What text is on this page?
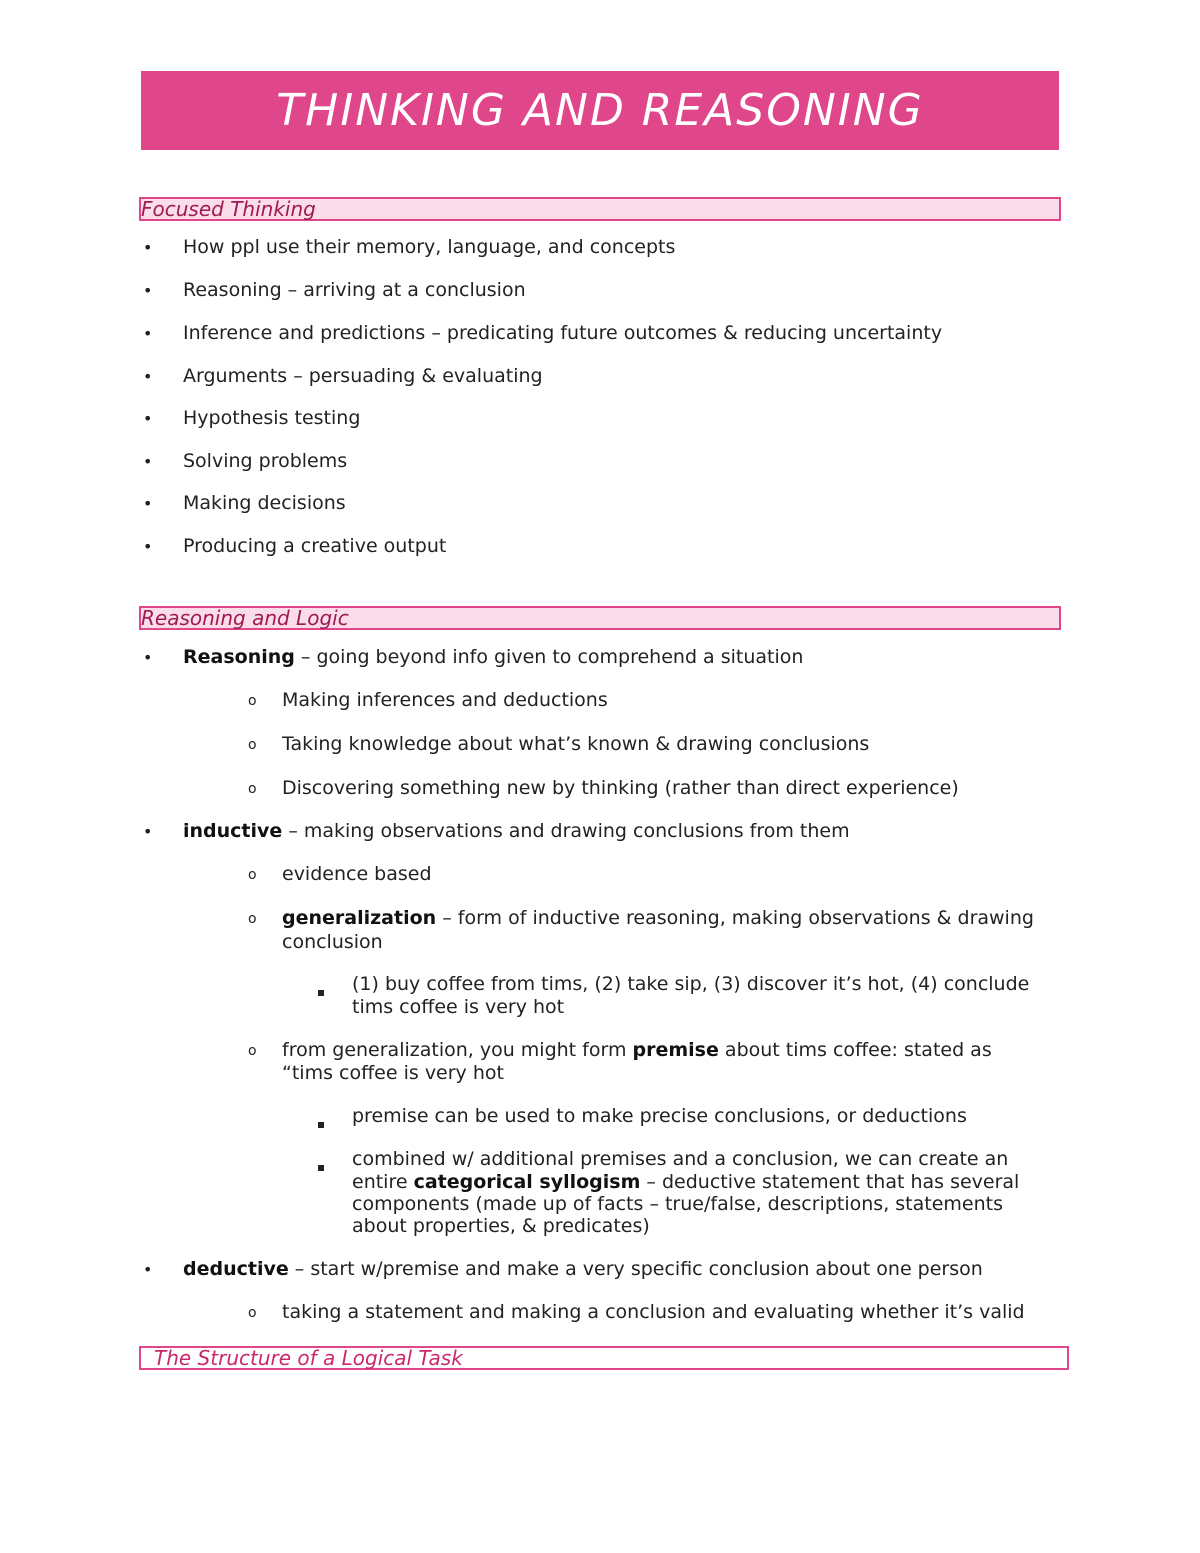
THINKING AND REASONING
Focused Thinking
• How ppl use their memory, language, and concepts
• Reasoning – arriving at a conclusion
• Inference and predictions – predicating future outcomes & reducing uncertainty
• Arguments – persuading & evaluating
• Hypothesis testing
• Solving problems
• Making decisions
• Producing a creative output
Reasoning and Logic
• Reasoning – going beyond info given to comprehend a situation
o Making inferences and deductions
o Taking knowledge about what’s known & drawing conclusions
o Discovering something new by thinking (rather than direct experience)
• inductive – making observations and drawing conclusions from them
o evidence based
o generalization – form of inductive reasoning, making observations & drawing
conclusion
(1) buy coffee from tims, (2) take sip, (3) discover it’s hot, (4) conclude
tims coffee is very hot
o from generalization, you might form premise about tims coffee: stated as
“tims coffee is very hot
premise can be used to make precise conclusions, or deductions
combined w/ additional premises and a conclusion, we can create an
entire categorical syllogism – deductive statement that has several
components (made up of facts – true/false, descriptions, statements
about properties, & predicates)
• deductive – start w/premise and make a very specific conclusion about one person
o taking a statement and making a conclusion and evaluating whether it’s valid
The Structure of a Logical Task
